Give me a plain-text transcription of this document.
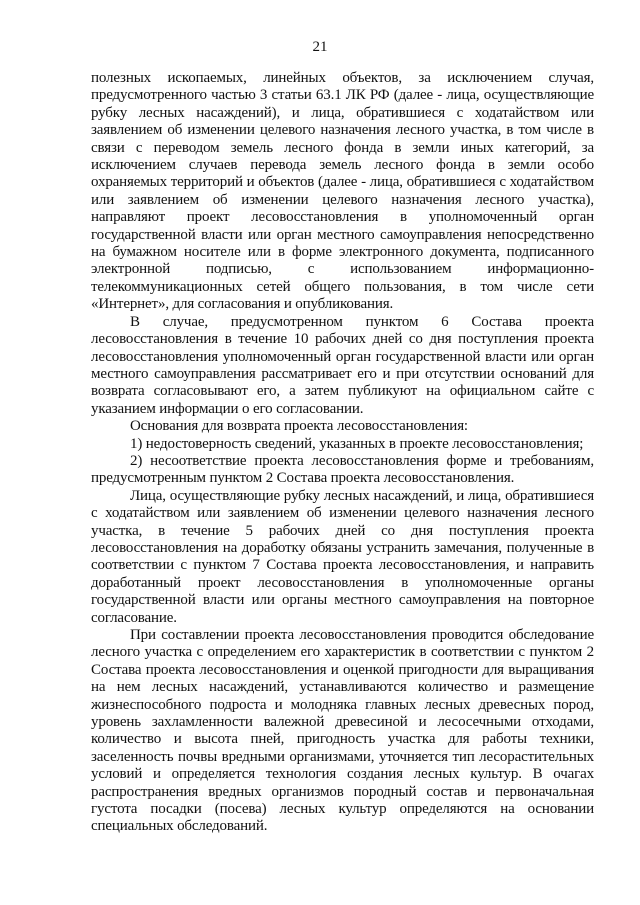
21

полезных ископаемых, линейных объектов, за исключением случая, предусмотренного частью 3 статьи 63.1 ЛК РФ (далее - лица, осуществляющие рубку лесных насаждений), и лица, обратившиеся с ходатайством или заявлением об изменении целевого назначения лесного участка, в том числе в связи с переводом земель лесного фонда в земли иных категорий, за исключением случаев перевода земель лесного фонда в земли особо охраняемых территорий и объектов (далее - лица, обратившиеся с ходатайством или заявлением об изменении целевого назначения лесного участка), направляют проект лесовосстановления в уполномоченный орган государственной власти или орган местного самоуправления непосредственно на бумажном носителе или в форме электронного документа, подписанного электронной подписью, с использованием информационно-телекоммуникационных сетей общего пользования, в том числе сети «Интернет», для согласования и опубликования.

В случае, предусмотренном пунктом 6 Состава проекта лесовосстановления в течение 10 рабочих дней со дня поступления проекта лесовосстановления уполномоченный орган государственной власти или орган местного самоуправления рассматривает его и при отсутствии оснований для возврата согласовывают его, а затем публикуют на официальном сайте с указанием информации о его согласовании.

Основания для возврата проекта лесовосстановления:

1) недостоверность сведений, указанных в проекте лесовосстановления;

2) несоответствие проекта лесовосстановления форме и требованиям, предусмотренным пунктом 2 Состава проекта лесовосстановления.

Лица, осуществляющие рубку лесных насаждений, и лица, обратившиеся с ходатайством или заявлением об изменении целевого назначения лесного участка, в течение 5 рабочих дней со дня поступления проекта лесовосстановления на доработку обязаны устранить замечания, полученные в соответствии с пунктом 7 Состава проекта лесовосстановления, и направить доработанный проект лесовосстановления в уполномоченные органы государственной власти или органы местного самоуправления на повторное согласование.

При составлении проекта лесовосстановления проводится обследование лесного участка с определением его характеристик в соответствии с пунктом 2 Состава проекта лесовосстановления и оценкой пригодности для выращивания на нем лесных насаждений, устанавливаются количество и размещение жизнеспособного подроста и молодняка главных лесных древесных пород, уровень захламленности валежной древесиной и лесосечными отходами, количество и высота пней, пригодность участка для работы техники, заселенность почвы вредными организмами, уточняется тип лесорастительных условий и определяется технология создания лесных культур. В очагах распространения вредных организмов породный состав и первоначальная густота посадки (посева) лесных культур определяются на основании специальных обследований.
